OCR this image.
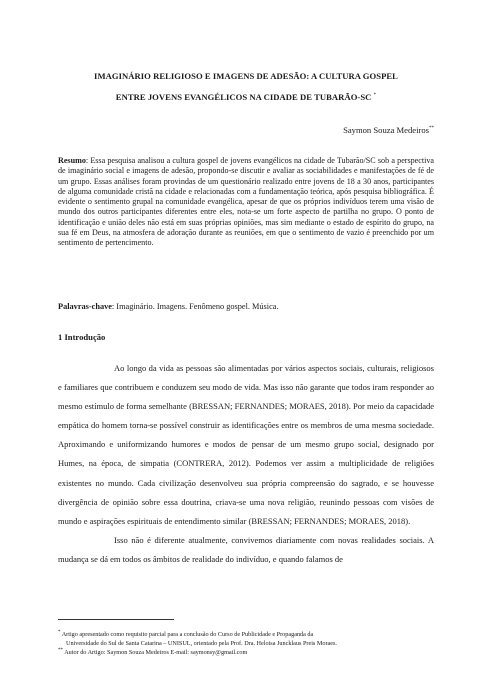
IMAGINÁRIO RELIGIOSO E IMAGENS DE ADESÃO: A CULTURA GOSPEL
ENTRE JOVENS EVANGÉLICOS NA CIDADE DE TUBARÃO-SC *
Saymon Souza Medeiros**
Resumo: Essa pesquisa analisou a cultura gospel de jovens evangélicos na cidade de Tubarão/SC sob a perspectiva de imaginário social e imagens de adesão, propondo-se discutir e avaliar as sociabilidades e manifestações de fé de um grupo. Essas análises foram provindas de um questionário realizado entre jovens de 18 a 30 anos, participantes de alguma comunidade cristã na cidade e relacionadas com a fundamentação teórica, após pesquisa bibliográfica. É evidente o sentimento grupal na comunidade evangélica, apesar de que os próprios indivíduos terem uma visão de mundo dos outros participantes diferentes entre eles, nota-se um forte aspecto de partilha no grupo. O ponto de identificação e união deles não está em suas próprias opiniões, mas sim mediante o estado de espírito do grupo, na sua fé em Deus, na atmosfera de adoração durante as reuniões, em que o sentimento de vazio é preenchido por um sentimento de pertencimento.
Palavras-chave: Imaginário. Imagens. Fenômeno gospel. Música.
1 Introdução

Ao longo da vida as pessoas são alimentadas por vários aspectos sociais, culturais, religiosos e familiares que contribuem e conduzem seu modo de vida. Mas isso não garante que todos iram responder ao mesmo estímulo de forma semelhante (BRESSAN; FERNANDES; MORAES, 2018). Por meio da capacidade empática do homem torna-se possível construir as identificações entre os membros de uma mesma sociedade. Aproximando e uniformizando humores e modos de pensar de um mesmo grupo social, designado por Humes, na época, de simpatia (CONTRERA, 2012). Podemos ver assim a multiplicidade de religiões existentes no mundo. Cada civilização desenvolveu sua própria compreensão do sagrado, e se houvesse divergência de opinião sobre essa doutrina, criava-se uma nova religião, reunindo pessoas com visões de mundo e aspirações espirituais de entendimento similar (BRESSAN; FERNANDES; MORAES, 2018).

Isso não é diferente atualmente, convivemos diariamente com novas realidades sociais. A mudança se dá em todos os âmbitos de realidade do indivíduo, e quando falamos de

* Artigo apresentado como requisito parcial para a conclusão do Curso de Publicidade e Propaganda da
Universidade do Sul de Santa Catarina – UNISUL, orientado pela Prof. Dra. Heloisa Juncklaus Preis Moraes.
** Autor do Artigo: Saymon Souza Medeiros E-mail: saymonsy@gmail.com
